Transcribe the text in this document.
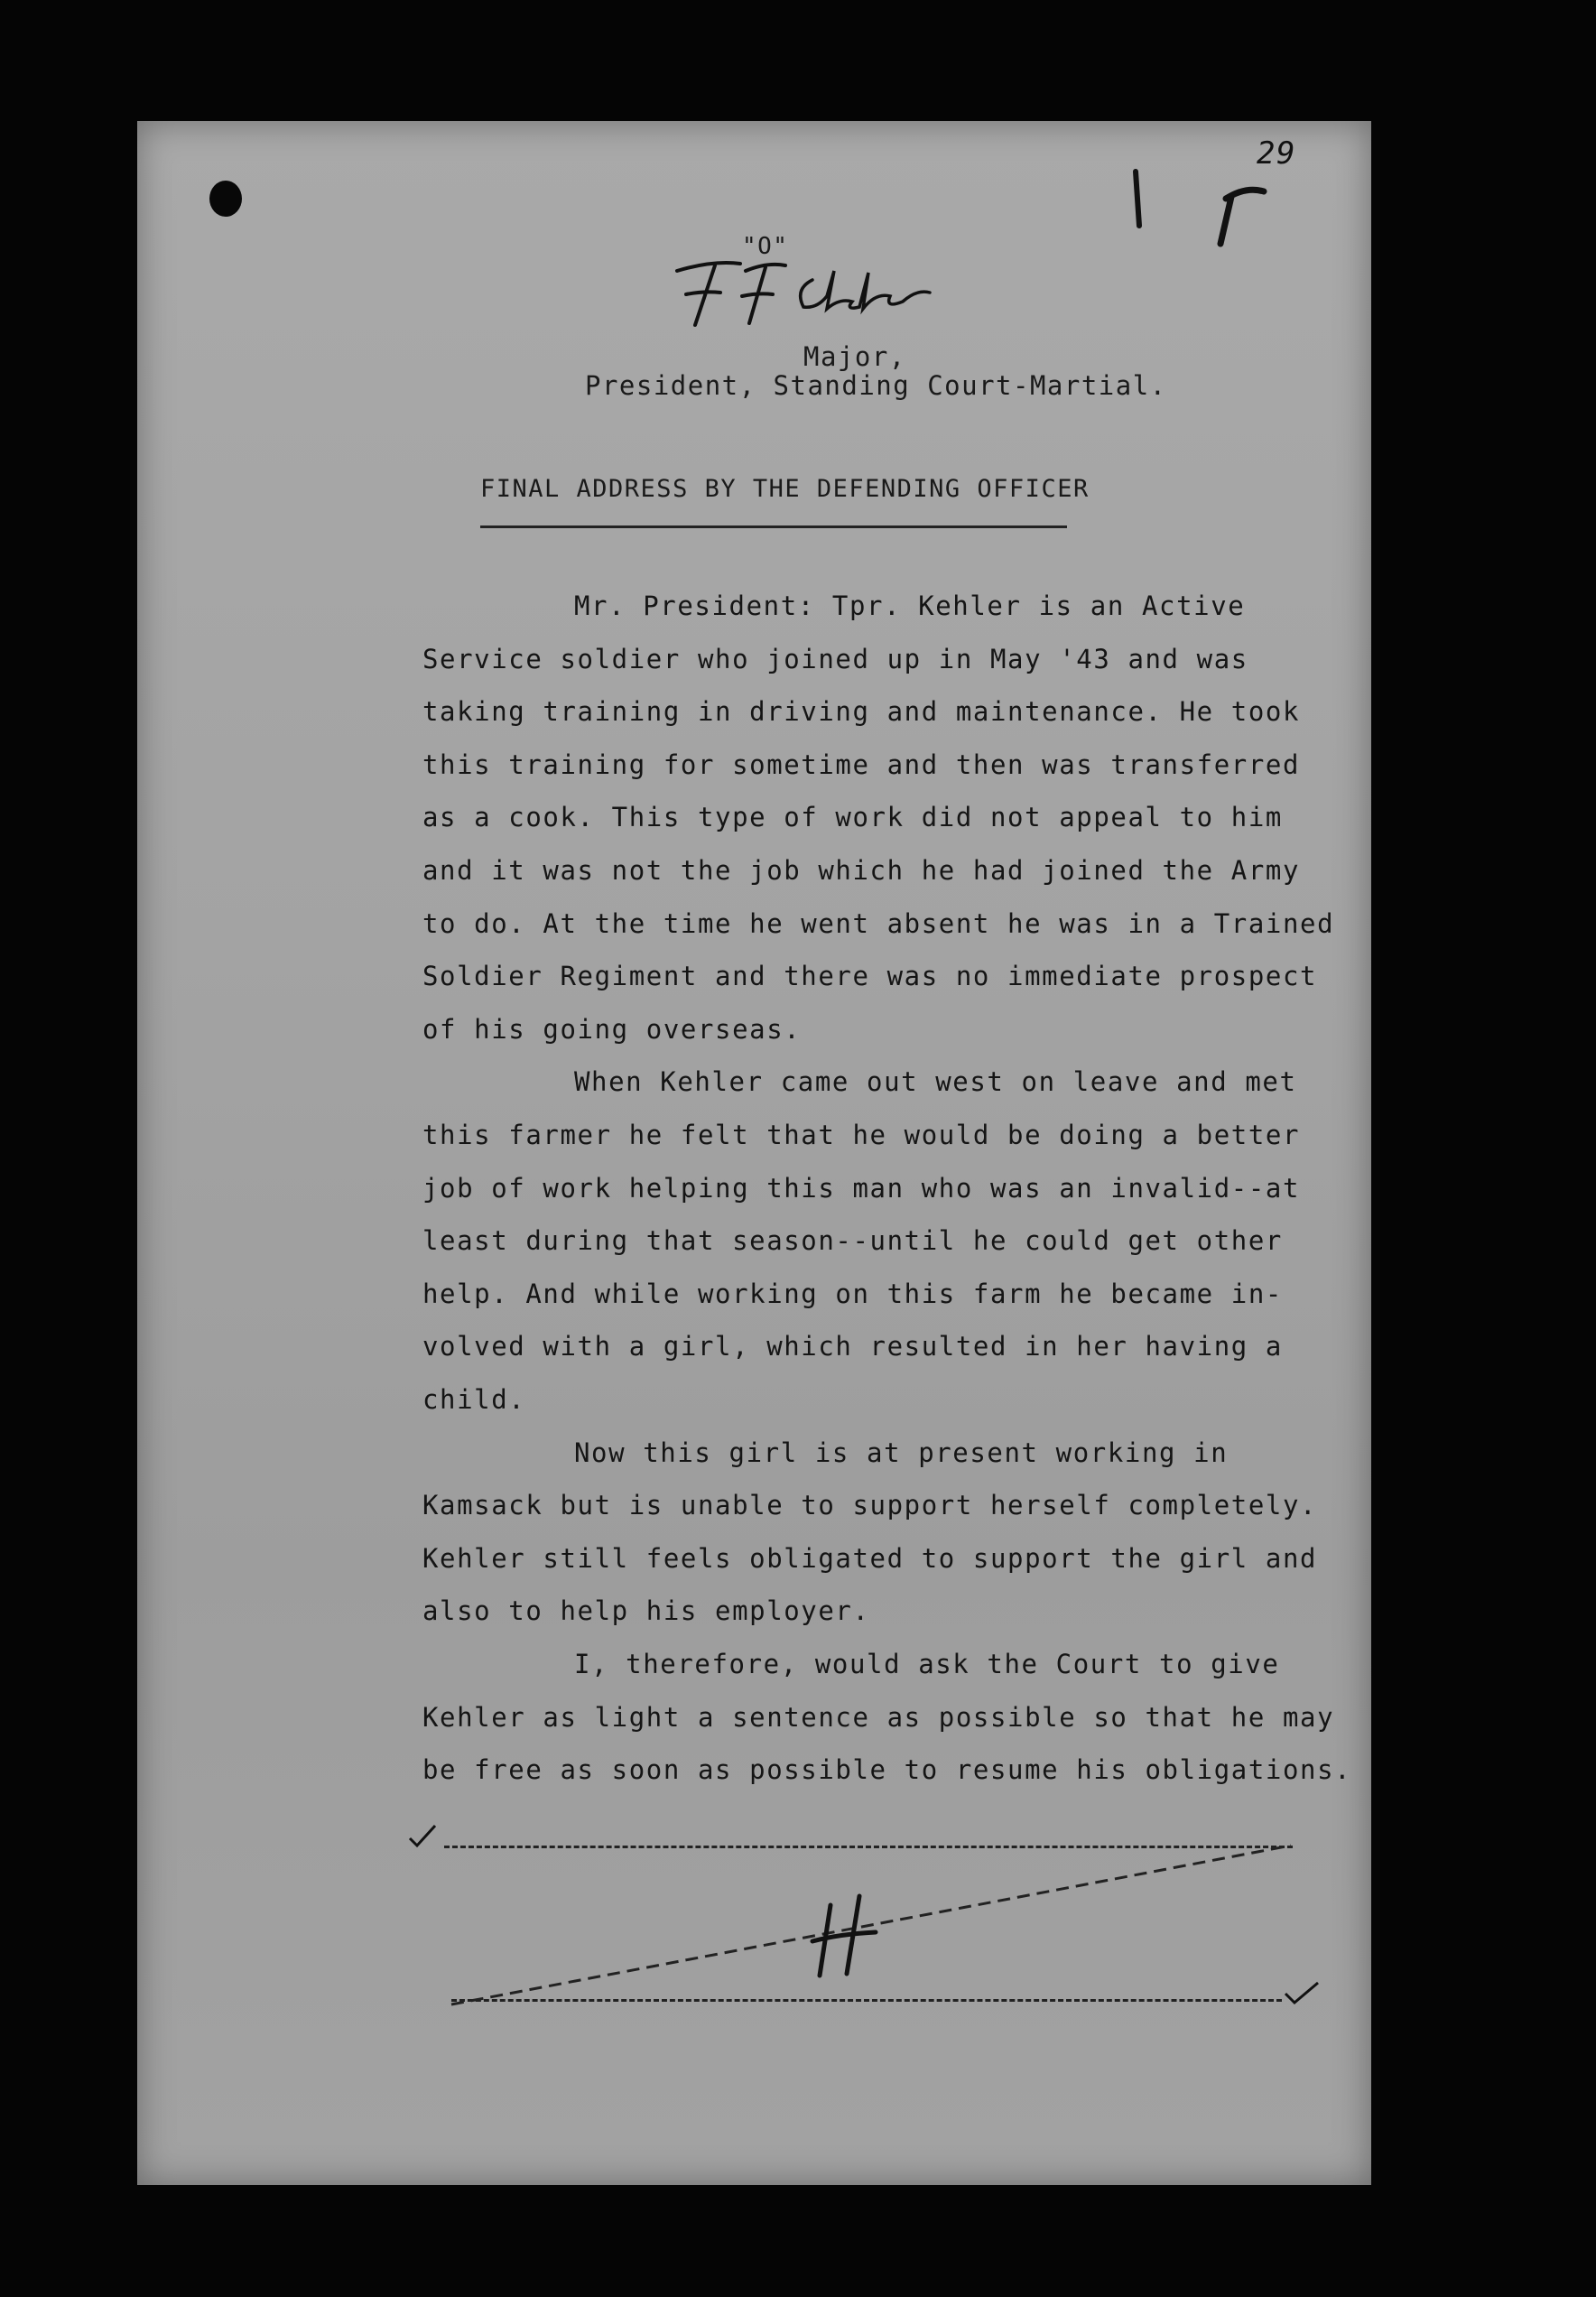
29
"O"
Major,
President, Standing Court-Martial.
FINAL ADDRESS BY THE DEFENDING OFFICER
Mr. President: Tpr. Kehler is an Active
Service soldier who joined up in May '43 and was
taking training in driving and maintenance. He took
this training for sometime and then was transferred
as a cook. This type of work did not appeal to him
and it was not the job which he had joined the Army
to do. At the time he went absent he was in a Trained
Soldier Regiment and there was no immediate prospect
of his going overseas.
When Kehler came out west on leave and met
this farmer he felt that he would be doing a better
job of work helping this man who was an invalid--at
least during that season--until he could get other
help. And while working on this farm he became in-
volved with a girl, which resulted in her having a
child.
Now this girl is at present working in
Kamsack but is unable to support herself completely.
Kehler still feels obligated to support the girl and
also to help his employer.
I, therefore, would ask the Court to give
Kehler as light a sentence as possible so that he may
be free as soon as possible to resume his obligations.
